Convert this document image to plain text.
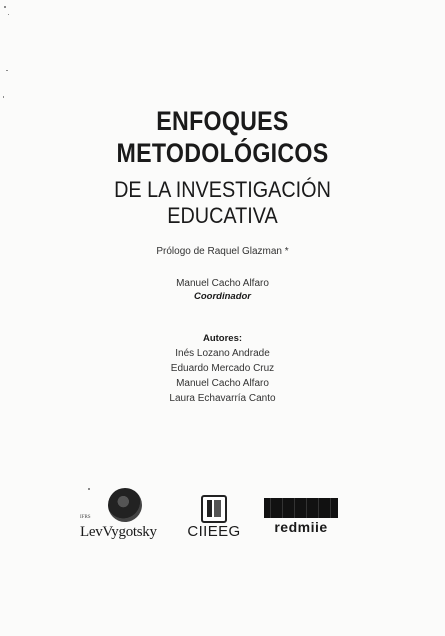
ENFOQUES
METODOLÓGICOS
DE LA INVESTIGACIÓN
EDUCATIVA
Prólogo de Raquel Glazman *
Manuel Cacho Alfaro
Coordinador
Autores:
Inés Lozano Andrade
Eduardo Mercado Cruz
Manuel Cacho Alfaro
Laura Echavarría Canto
IFRS
LevVygotsky	CIIEEG	redmiie
